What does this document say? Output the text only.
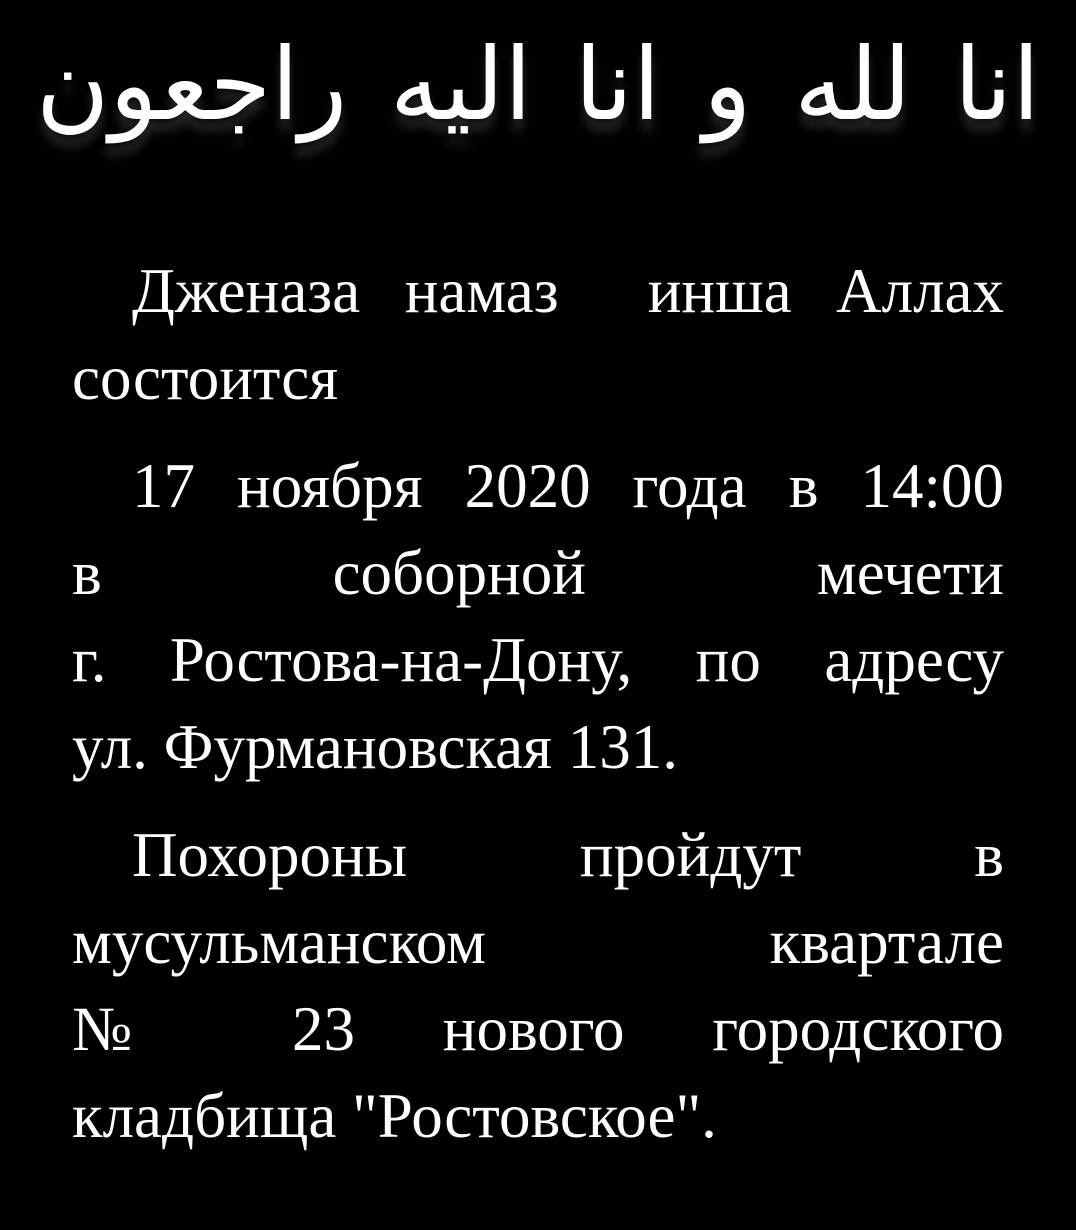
انا لله و انا اليه راجعون
Дженаза намаз  инша Аллах
состоится
17 ноября 2020 года в 14:00
в соборной мечети
г. Ростова-на-Дону, по адресу
ул. Фурмановская 131.
Похороны пройдут в
мусульманском квартале
№ 23 нового городского
кладбища "Ростовское".
